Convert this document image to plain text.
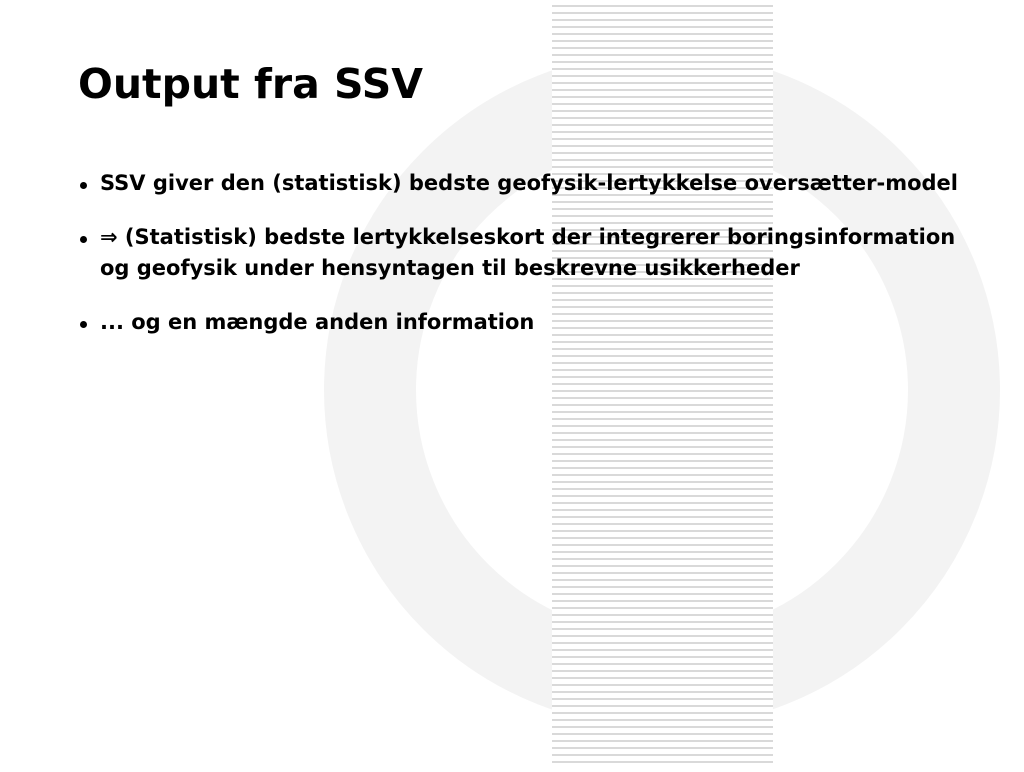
Output fra SSV
SSV giver den (statistisk) bedste geofysik-lertykkelse oversætter-model
⇒ (Statistisk) bedste lertykkelseskort der integrerer boringsinformation og geofysik under hensyntagen til beskrevne usikkerheder
... og en mængde anden information
